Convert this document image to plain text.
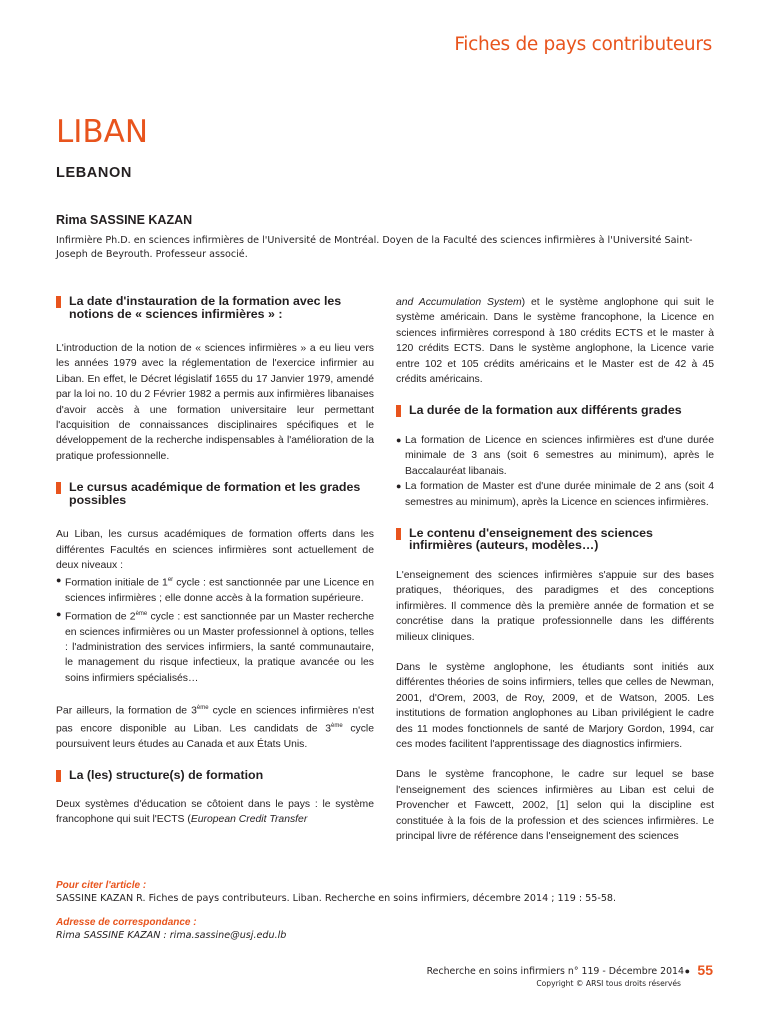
Fiches de pays contributeurs
LIBAN
LEBANON
Rima SASSINE KAZAN
Infirmière Ph.D. en sciences infirmières de l'Université de Montréal. Doyen de la Faculté des sciences infirmières à l'Université Saint-Joseph de Beyrouth. Professeur associé.
La date d'instauration de la formation avec les notions de « sciences infirmières » :

L'introduction de la notion de « sciences infirmières » a eu lieu vers les années 1979 avec la réglementation de l'exercice infirmier au Liban. En effet, le Décret législatif 1655 du 17 Janvier 1979, amendé par la loi no. 10 du 2 Février 1982 a permis aux infirmières libanaises d'avoir accès à une formation universitaire leur permettant l'acquisition de connaissances disciplinaires spécifiques et le développement de la recherche indispensables à l'amélioration de la pratique professionnelle.

Le cursus académique de formation et les grades possibles

Au Liban, les cursus académiques de formation offerts dans les différentes Facultés en sciences infirmières sont actuellement de deux niveaux :

● Formation initiale de 1er cycle : est sanctionnée par une Licence en sciences infirmières ; elle donne accès à la formation supérieure.
● Formation de 2ème cycle : est sanctionnée par un Master recherche en sciences infirmières ou un Master professionnel à options, telles : l'administration des services infirmiers, la santé communautaire, le management du risque infectieux, la pratique avancée ou les soins infirmiers spécialisés…

Par ailleurs, la formation de 3ème cycle en sciences infirmières n'est pas encore disponible au Liban. Les candidats de 3ème cycle poursuivent leurs études au Canada et aux États Unis.

La (les) structure(s) de formation

Deux systèmes d'éducation se côtoient dans le pays : le système francophone qui suit l'ECTS (European Credit Transfer

and Accumulation System) et le système anglophone qui suit le système américain. Dans le système francophone, la Licence en sciences infirmières correspond à 180 crédits ECTS et le master à 120 crédits ECTS. Dans le système anglophone, la Licence varie entre 102 et 105 crédits américains et le Master est de 42 à 45 crédits américains.

La durée de la formation aux différents grades
● La formation de Licence en sciences infirmières est d'une durée minimale de 3 ans (soit 6 semestres au minimum), après le Baccalauréat libanais.
● La formation de Master est d'une durée minimale de 2 ans (soit 4 semestres au minimum), après la Licence en sciences infirmières.
Le contenu d'enseignement des sciences infirmières (auteurs, modèles…)

L'enseignement des sciences infirmières s'appuie sur des bases pratiques, théoriques, des paradigmes et des conceptions infirmières. Il commence dès la première année de formation et se concrétise dans la pratique professionnelle dans les différents milieux cliniques.

Dans le système anglophone, les étudiants sont initiés aux différentes théories de soins infirmiers, telles que celles de Newman, 2001, d'Orem, 2003, de Roy, 2009, et de Watson, 2005. Les institutions de formation anglophones au Liban privilégient le cadre des 11 modes fonctionnels de santé de Marjory Gordon, 1994, car ces modes facilitent l'apprentissage des diagnostics infirmiers.

Dans le système francophone, le cadre sur lequel se base l'enseignement des sciences infirmières au Liban est celui de Provencher et Fawcett, 2002, [1] selon qui la discipline est constituée à la fois de la profession et des sciences infirmières. Le principal livre de référence dans l'enseignement des sciences

Pour citer l'article :
SASSINE KAZAN R. Fiches de pays contributeurs. Liban. Recherche en soins infirmiers, décembre 2014 ; 119 : 55-58.
Adresse de correspondance :
Rima SASSINE KAZAN : rima.sassine@usj.edu.lb
Recherche en soins infirmiers n° 119 - Décembre 2014 ● 55
Copyright © ARSI tous droits réservés
